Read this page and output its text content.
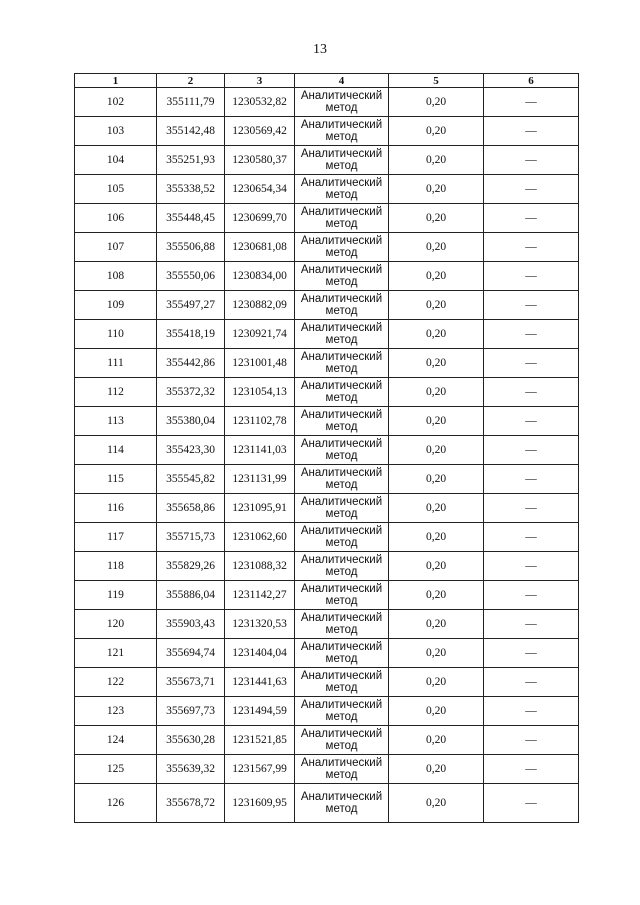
13
1	2	3	4	5	6
102	355111,79	1230532,82	Аналитический метод	0,20	—
103	355142,48	1230569,42	Аналитический метод	0,20	—
104	355251,93	1230580,37	Аналитический метод	0,20	—
105	355338,52	1230654,34	Аналитический метод	0,20	—
106	355448,45	1230699,70	Аналитический метод	0,20	—
107	355506,88	1230681,08	Аналитический метод	0,20	—
108	355550,06	1230834,00	Аналитический метод	0,20	—
109	355497,27	1230882,09	Аналитический метод	0,20	—
110	355418,19	1230921,74	Аналитический метод	0,20	—
111	355442,86	1231001,48	Аналитический метод	0,20	—
112	355372,32	1231054,13	Аналитический метод	0,20	—
113	355380,04	1231102,78	Аналитический метод	0,20	—
114	355423,30	1231141,03	Аналитический метод	0,20	—
115	355545,82	1231131,99	Аналитический метод	0,20	—
116	355658,86	1231095,91	Аналитический метод	0,20	—
117	355715,73	1231062,60	Аналитический метод	0,20	—
118	355829,26	1231088,32	Аналитический метод	0,20	—
119	355886,04	1231142,27	Аналитический метод	0,20	—
120	355903,43	1231320,53	Аналитический метод	0,20	—
121	355694,74	1231404,04	Аналитический метод	0,20	—
122	355673,71	1231441,63	Аналитический метод	0,20	—
123	355697,73	1231494,59	Аналитический метод	0,20	—
124	355630,28	1231521,85	Аналитический метод	0,20	—
125	355639,32	1231567,99	Аналитический метод	0,20	—
126	355678,72	1231609,95	Аналитический метод	0,20	—
